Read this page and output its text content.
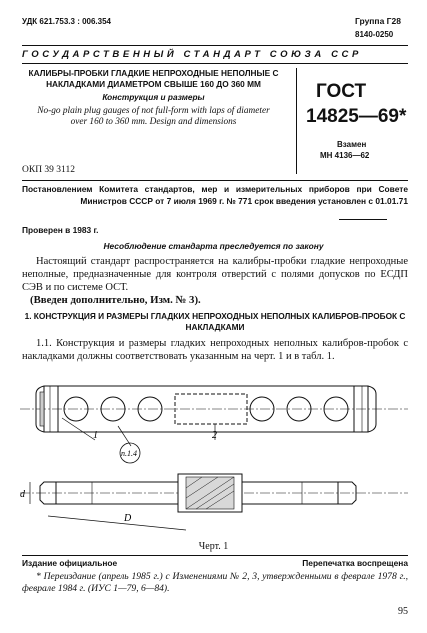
УДК 621.753.3 : 006.354	Группа Г28
8140-0250
ГОСУДАРСТВЕННЫЙ СТАНДАРТ СОЮЗА ССР
КАЛИБРЫ-ПРОБКИ ГЛАДКИЕ НЕПРОХОДНЫЕ НЕПОЛНЫЕ С НАКЛАДКАМИ ДИАМЕТРОМ СВЫШЕ 160 ДО 360 ММ
Конструкция и размеры
No-go plain plug gauges of not full-form with laps of diameter over 160 to 360 mm. Design and dimensions
ОКП 39 3112
ГОСТ
14825—69*
Взамен
МН 4136—62
Постановлением Комитета стандартов, мер и измерительных приборов при Совете Министров СССР от 7 июля 1969 г. № 771 срок введения установлен с 01.01.71
Проверен в 1983 г.
Несоблюдение стандарта преследуется по закону
Настоящий стандарт распространяется на калибры-пробки гладкие непроходные неполные, предназначенные для контроля отверстий с полями допусков по ЕСДП СЭВ и по системе ОСТ.
(Введен дополнительно, Изм. № 3).
1. КОНСТРУКЦИЯ И РАЗМЕРЫ ГЛАДКИХ НЕПРОХОДНЫХ НЕПОЛНЫХ КАЛИБРОВ-ПРОБОК С НАКЛАДКАМИ
1.1. Конструкция и размеры гладких непроходных неполных калибров-пробок с накладками должны соответствовать указанным на черт. 1 и в табл. 1.
1	2
п.1.4
d
D
Черт. 1
Издание официальное	Перепечатка воспрещена
* Переиздание (апрель 1985 г.) с Изменениями № 2, 3, утвержденными в феврале 1978 г., феврале 1984 г. (ИУС 1—79, 6—84).
95
